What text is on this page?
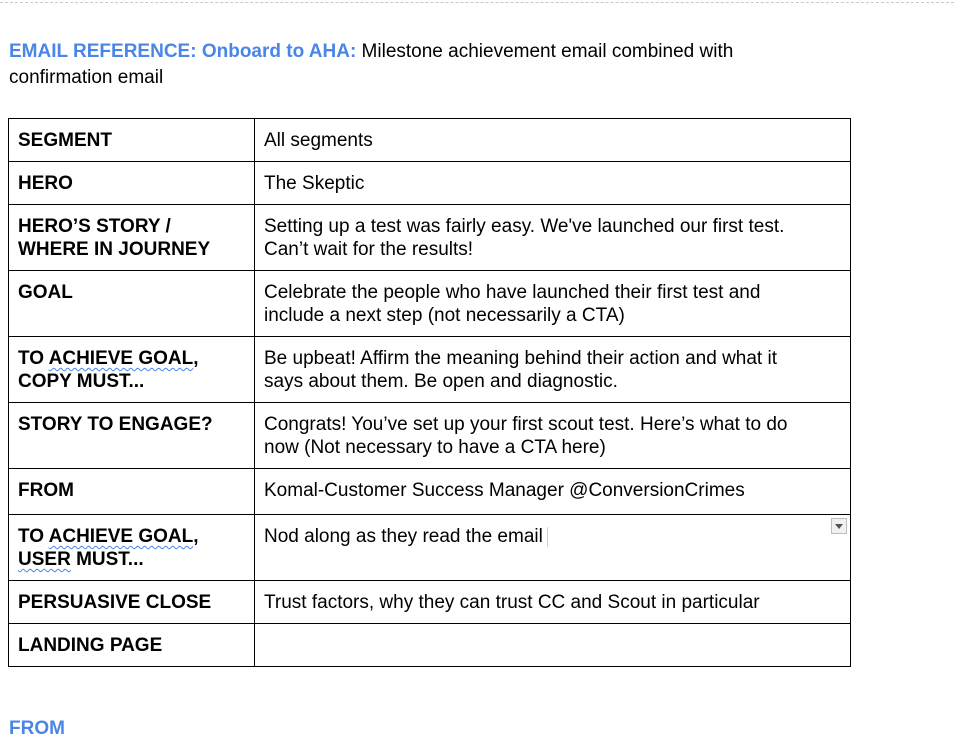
EMAIL REFERENCE: Onboard to AHA: Milestone achievement email combined with confirmation email
SEGMENT	All segments
HERO	The Skeptic
HERO’S STORY /
WHERE IN JOURNEY	Setting up a test was fairly easy. We've launched our first test.
Can’t wait for the results!
GOAL	Celebrate the people who have launched their first test and
include a next step (not necessarily a CTA)
TO ACHIEVE GOAL,
COPY MUST...	Be upbeat! Affirm the meaning behind their action and what it
says about them. Be open and diagnostic.
STORY TO ENGAGE?	Congrats! You’ve set up your first scout test. Here’s what to do
now (Not necessary to have a CTA here)
FROM	Komal-Customer Success Manager @ConversionCrimes
TO ACHIEVE GOAL,
USER MUST...	Nod along as they read the email

PERSUASIVE CLOSE	Trust factors, why they can trust CC and Scout in particular
LANDING PAGE	
FROM
